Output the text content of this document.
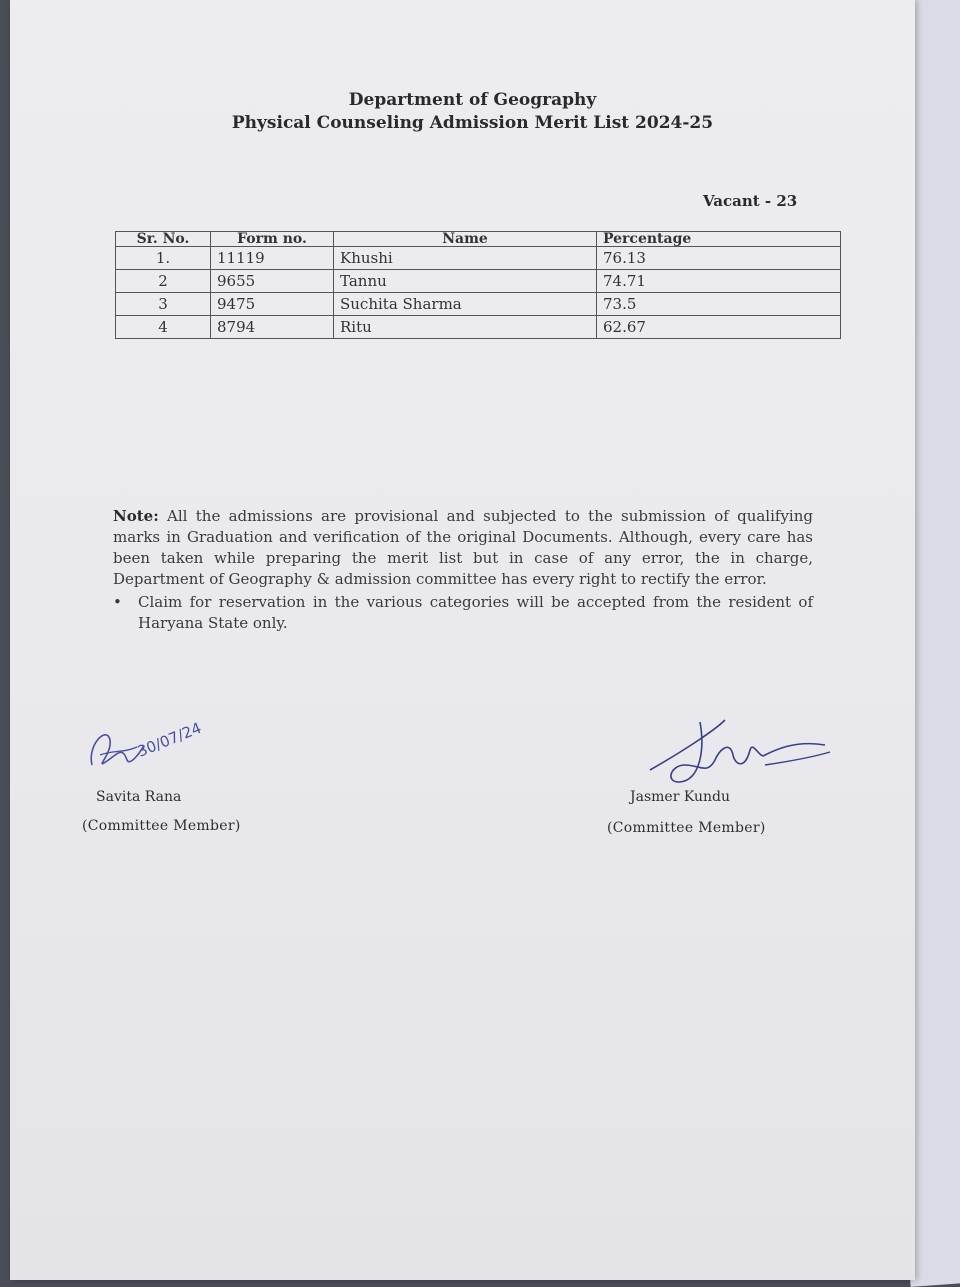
Department of Geography
Physical Counseling Admission Merit List 2024-25
Vacant - 23
Sr. No.	Form no.	Name	Percentage
1.	11119	Khushi	76.13
2	9655	Tannu	74.71
3	9475	Suchita Sharma	73.5
4	8794	Ritu	62.67
Note: All the admissions are provisional and subjected to the submission of qualifying marks in Graduation and verification of the original Documents. Although, every care has been taken while preparing the merit list but in case of any error, the in charge, Department of Geography & admission committee has every right to rectify the error.
• Claim for reservation in the various categories will be accepted from the resident of Haryana State only.
30/07/24
Savita Rana
(Committee Member)
Jasmer Kundu
(Committee Member)
